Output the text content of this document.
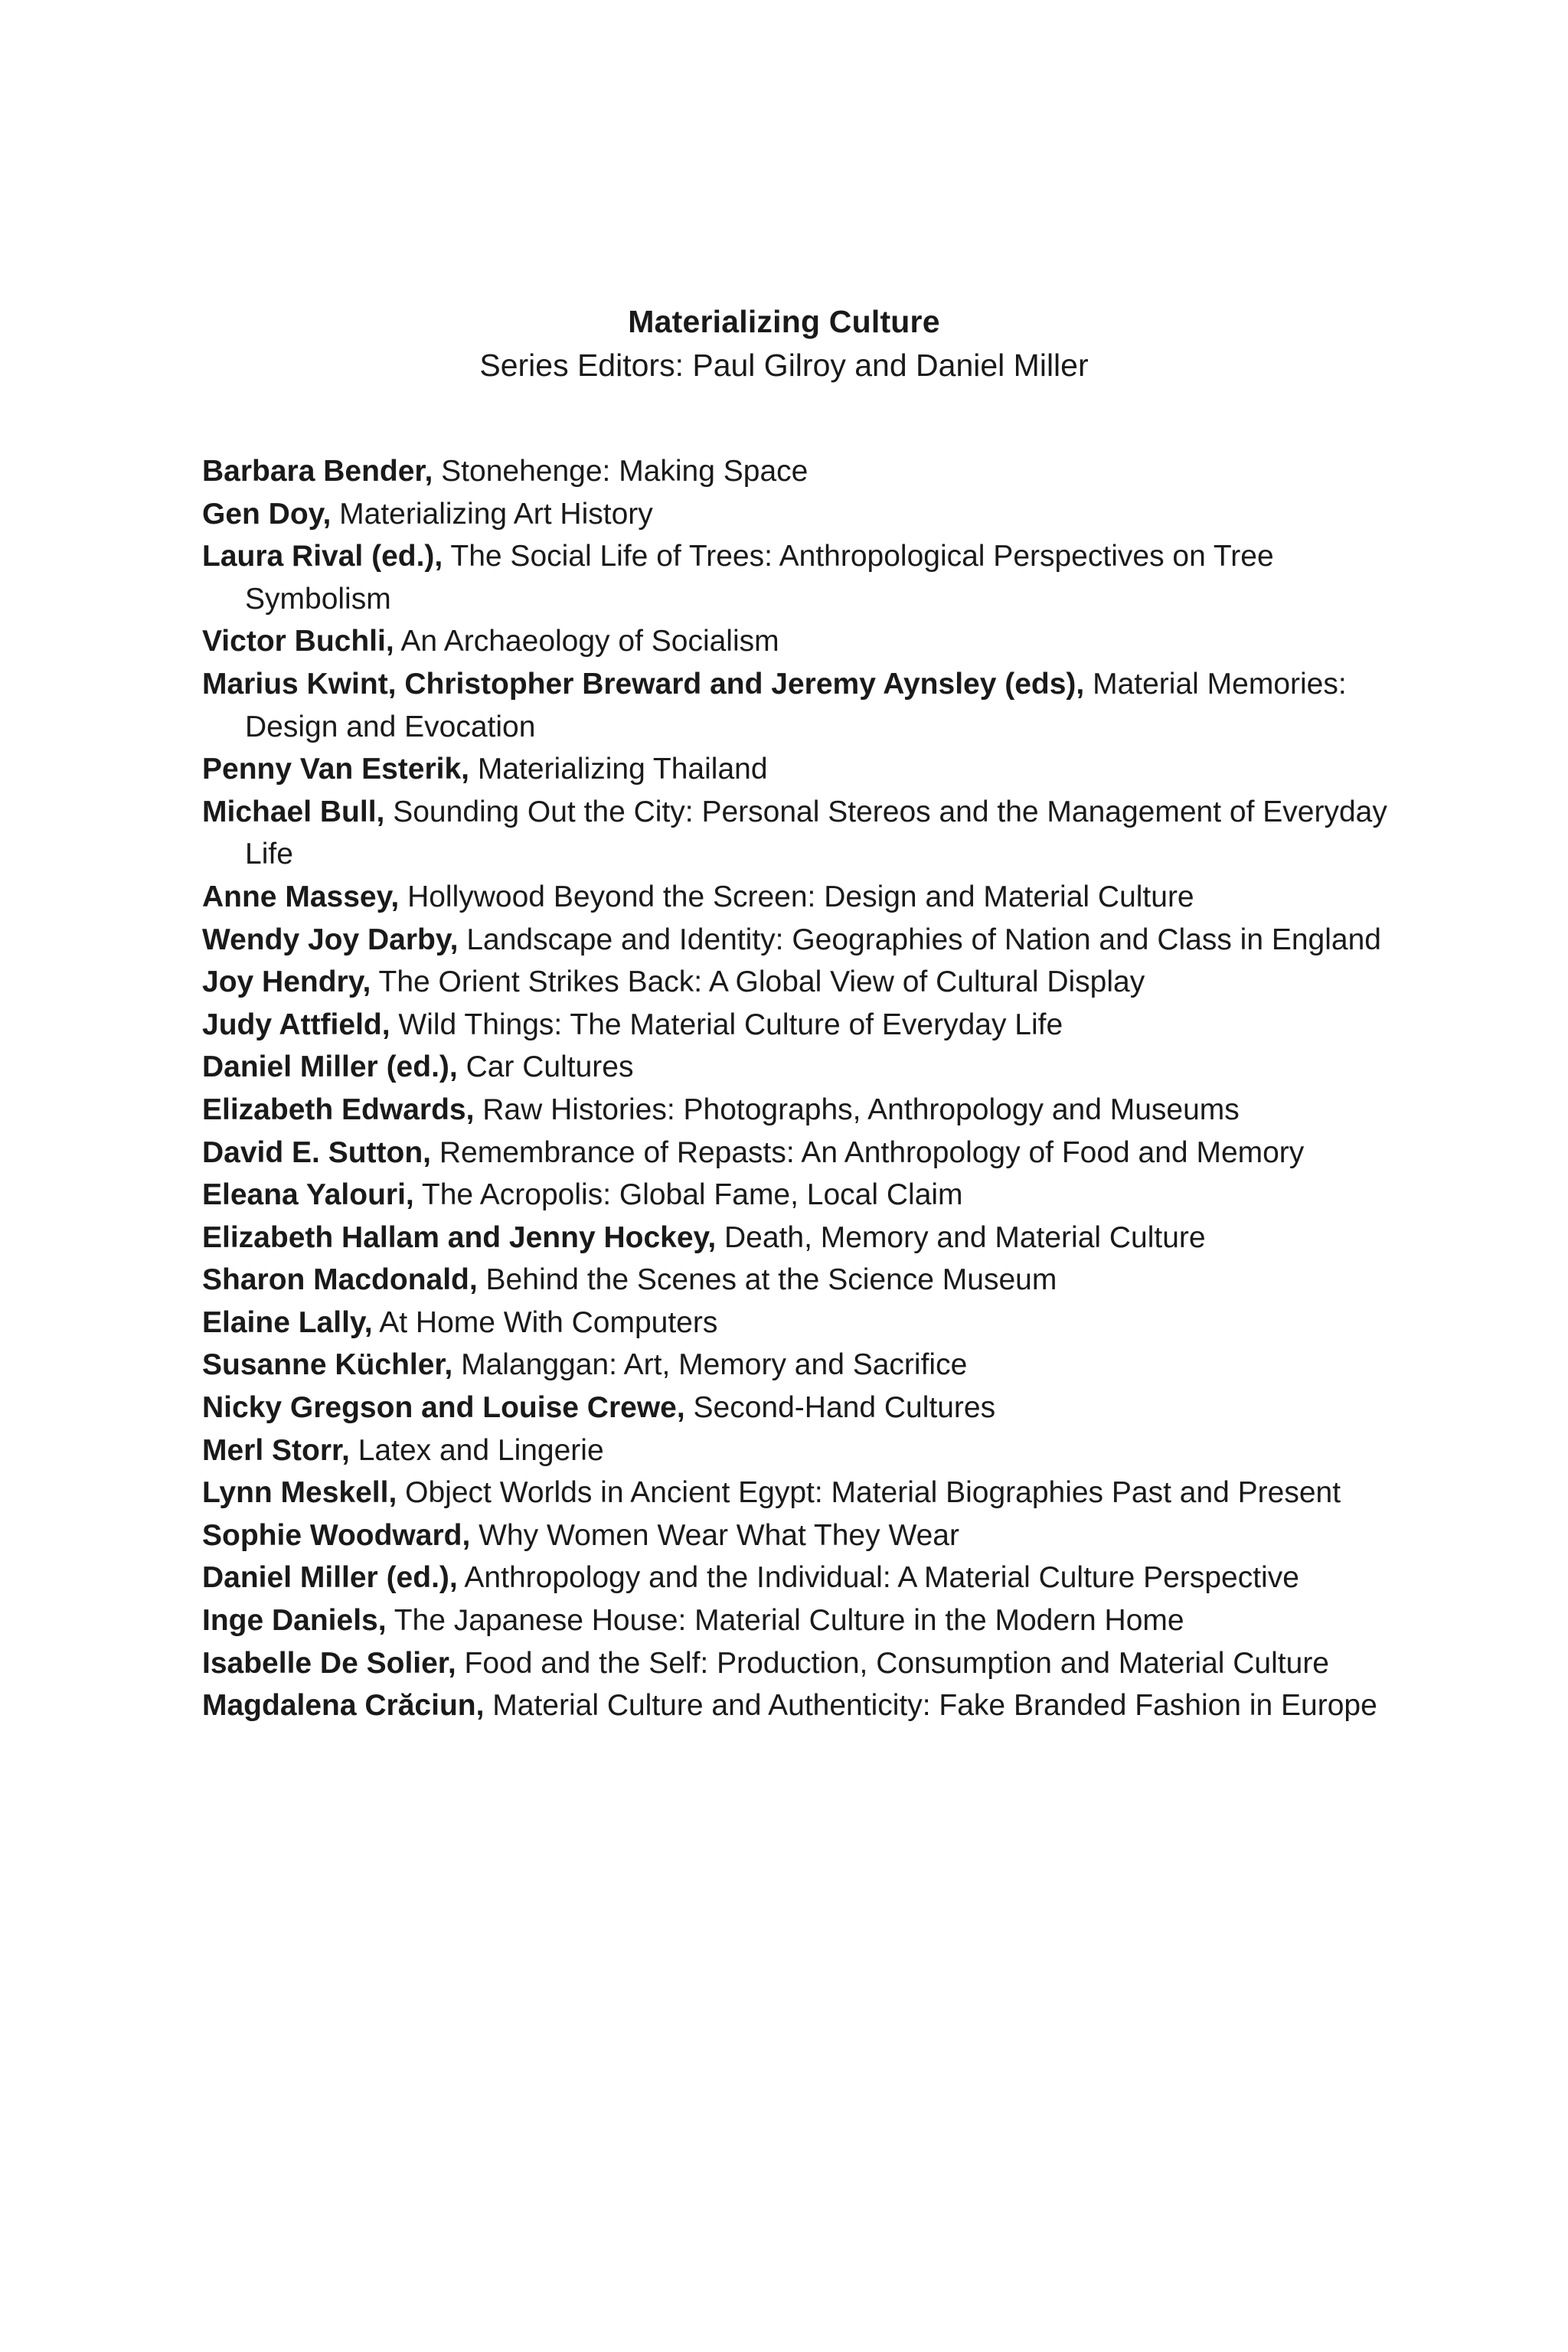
Materializing Culture
Series Editors: Paul Gilroy and Daniel Miller
Barbara Bender, Stonehenge: Making Space
Gen Doy, Materializing Art History
Laura Rival (ed.), The Social Life of Trees: Anthropological Perspectives on Tree Symbolism
Victor Buchli, An Archaeology of Socialism
Marius Kwint, Christopher Breward and Jeremy Aynsley (eds), Material Memories: Design and Evocation
Penny Van Esterik, Materializing Thailand
Michael Bull, Sounding Out the City: Personal Stereos and the Management of Everyday Life
Anne Massey, Hollywood Beyond the Screen: Design and Material Culture
Wendy Joy Darby, Landscape and Identity: Geographies of Nation and Class in England
Joy Hendry, The Orient Strikes Back: A Global View of Cultural Display
Judy Attfield, Wild Things: The Material Culture of Everyday Life
Daniel Miller (ed.), Car Cultures
Elizabeth Edwards, Raw Histories: Photographs, Anthropology and Museums
David E. Sutton, Remembrance of Repasts: An Anthropology of Food and Memory
Eleana Yalouri, The Acropolis: Global Fame, Local Claim
Elizabeth Hallam and Jenny Hockey, Death, Memory and Material Culture
Sharon Macdonald, Behind the Scenes at the Science Museum
Elaine Lally, At Home With Computers
Susanne Küchler, Malanggan: Art, Memory and Sacrifice
Nicky Gregson and Louise Crewe, Second-Hand Cultures
Merl Storr, Latex and Lingerie
Lynn Meskell, Object Worlds in Ancient Egypt: Material Biographies Past and Present
Sophie Woodward, Why Women Wear What They Wear
Daniel Miller (ed.), Anthropology and the Individual: A Material Culture Perspective
Inge Daniels, The Japanese House: Material Culture in the Modern Home
Isabelle De Solier, Food and the Self: Production, Consumption and Material Culture
Magdalena Crăciun, Material Culture and Authenticity: Fake Branded Fashion in Europe
